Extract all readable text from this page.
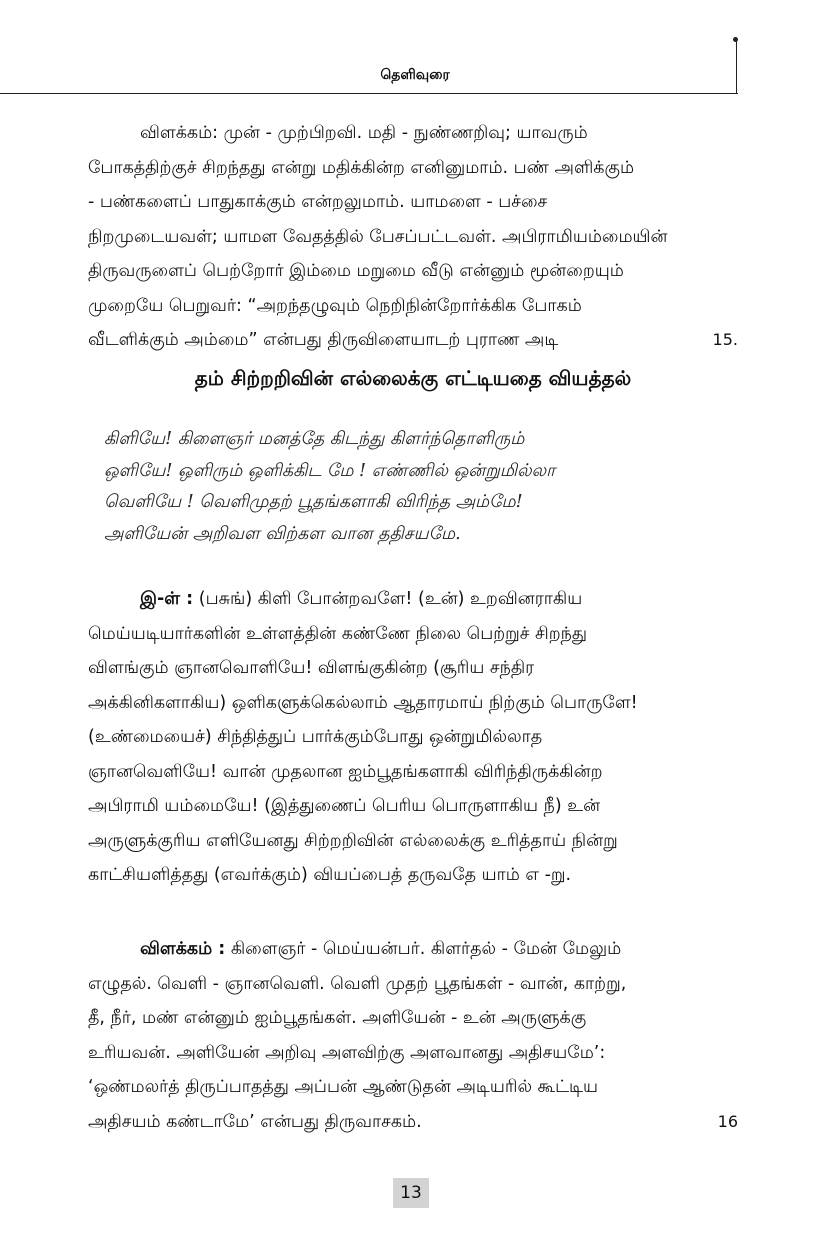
தெளிவுரை

விளக்கம்: முன் - முற்பிறவி. மதி - நுண்ணறிவு; யாவரும்

போகத்திற்குச் சிறந்தது என்று மதிக்கின்ற எனினுமாம். பண் அளிக்கும்

- பண்களைப் பாதுகாக்கும் என்றலுமாம். யாமளை - பச்சை

நிறமுடையவள்; யாமள வேதத்தில் பேசப்பட்டவள். அபிராமியம்மையின்

திருவருளைப் பெற்றோர் இம்மை மறுமை வீடு என்னும் மூன்றையும்

முறையே பெறுவர்: “அறந்தழுவும் நெறிநின்றோர்க்கிக போகம்

வீடளிக்கும் அம்மை” என்பது திருவிளையாடற் புராண அடி	15.
தம் சிற்றறிவின் எல்லைக்கு எட்டியதை வியத்தல்
கிளியே! கிளைஞர் மனத்தே கிடந்து கிளர்ந்தொளிரும்
ஒளியே! ஒளிரும் ஒளிக்கிட மே ! எண்ணில் ஒன்றுமில்லா
வெளியே ! வெளிமுதற் பூதங்களாகி விரிந்த அம்மே!
அளியேன் அறிவள விற்கள வான ததிசயமே.

இ-ள் : (பசுங்) கிளி போன்றவளே! (உன்) உறவினராகிய

மெய்யடியார்களின் உள்ளத்தின் கண்ணே நிலை பெற்றுச் சிறந்து

விளங்கும் ஞானவொளியே! விளங்குகின்ற (சூரிய சந்திர

அக்கினிகளாகிய) ஒளிகளுக்கெல்லாம் ஆதாரமாய் நிற்கும் பொருளே!

(உண்மையைச்) சிந்தித்துப் பார்க்கும்போது ஒன்றுமில்லாத

ஞானவெளியே! வான் முதலான ஐம்பூதங்களாகி விரிந்திருக்கின்ற

அபிராமி யம்மையே! (இத்துணைப் பெரிய பொருளாகிய நீ) உன்

அருளுக்குரிய எளியேனது சிற்றறிவின் எல்லைக்கு உரித்தாய் நின்று

காட்சியளித்தது (எவர்க்கும்) வியப்பைத் தருவதே யாம் எ -று.

விளக்கம் : கிளைஞர் - மெய்யன்பர். கிளர்தல் - மேன் மேலும்

எழுதல். வெளி - ஞானவெளி. வெளி முதற் பூதங்கள் - வான், காற்று,

தீ, நீர், மண் என்னும் ஐம்பூதங்கள். அளியேன் - உன் அருளுக்கு

உரியவன். அளியேன் அறிவு அளவிற்கு அளவானது அதிசயமே’:

‘ஒண்மலர்த் திருப்பாதத்து அப்பன் ஆண்டுதன் அடியரில் கூட்டிய

அதிசயம் கண்டாமே’ என்பது திருவாசகம்.	16
13
